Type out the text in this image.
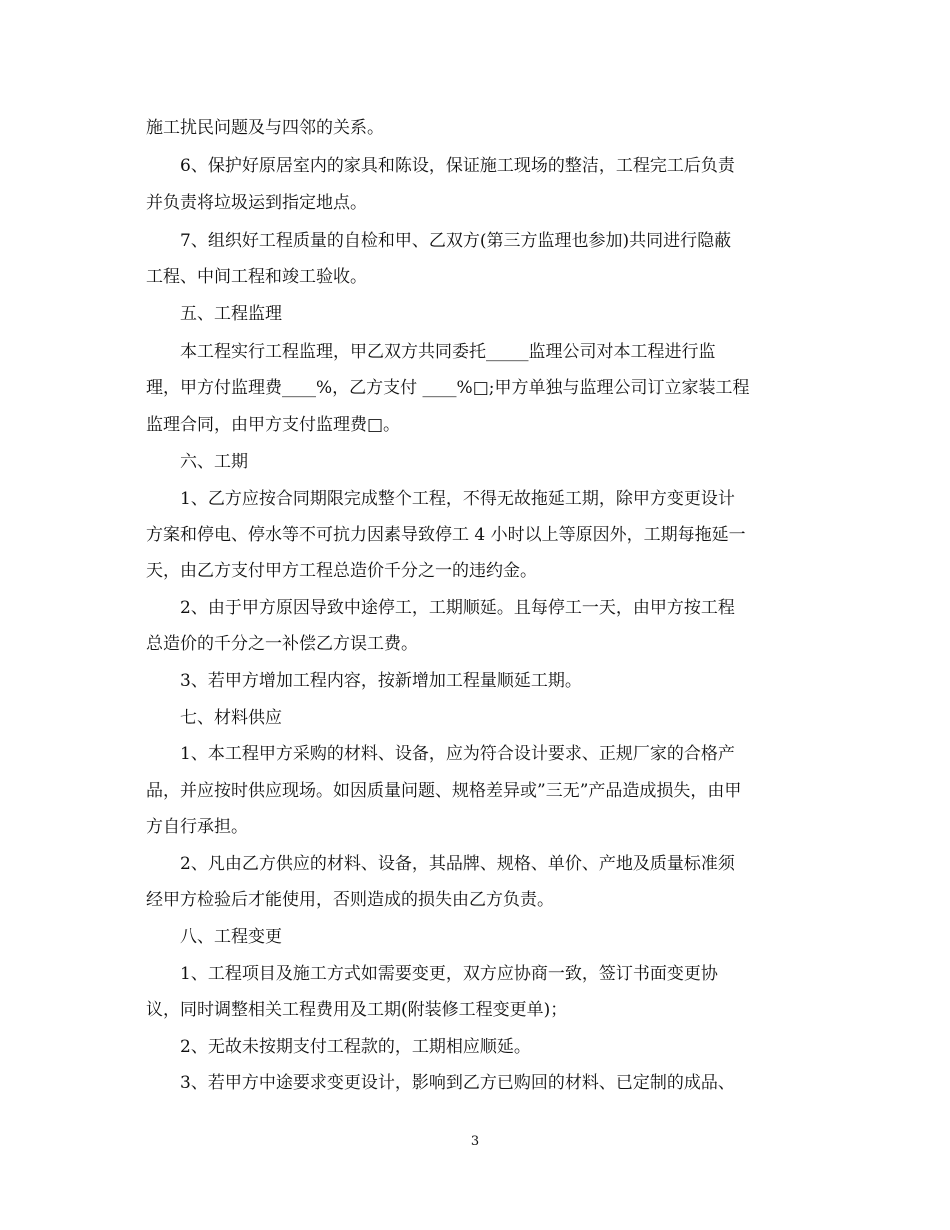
施工扰民问题及与四邻的关系。
6、保护好原居室内的家具和陈设，保证施工现场的整洁，工程完工后负责
并负责将垃圾运到指定地点。
7、组织好工程质量的自检和甲、乙双方(第三方监理也参加)共同进行隐蔽
工程、中间工程和竣工验收。
五、工程监理
本工程实行工程监理，甲乙双方共同委托_____监理公司对本工程进行监
理，甲方付监理费____%，乙方支付 ____%□;甲方单独与监理公司订立家装工程
监理合同，由甲方支付监理费□。
六、工期
1、乙方应按合同期限完成整个工程，不得无故拖延工期，除甲方变更设计
方案和停电、停水等不可抗力因素导致停工 4 小时以上等原因外，工期每拖延一
天，由乙方支付甲方工程总造价千分之一的违约金。
2、由于甲方原因导致中途停工，工期顺延。且每停工一天，由甲方按工程
总造价的千分之一补偿乙方误工费。
3、若甲方增加工程内容，按新增加工程量顺延工期。
七、材料供应
1、本工程甲方采购的材料、设备，应为符合设计要求、正规厂家的合格产
品，并应按时供应现场。如因质量问题、规格差异或”三无”产品造成损失，由甲
方自行承担。
2、凡由乙方供应的材料、设备，其品牌、规格、单价、产地及质量标准须
经甲方检验后才能使用，否则造成的损失由乙方负责。
八、工程变更
1、工程项目及施工方式如需要变更，双方应协商一致，签订书面变更协
议，同时调整相关工程费用及工期(附装修工程变更单)；
2、无故未按期支付工程款的，工期相应顺延。
3、若甲方中途要求变更设计，影响到乙方已购回的材料、已定制的成品、
3
